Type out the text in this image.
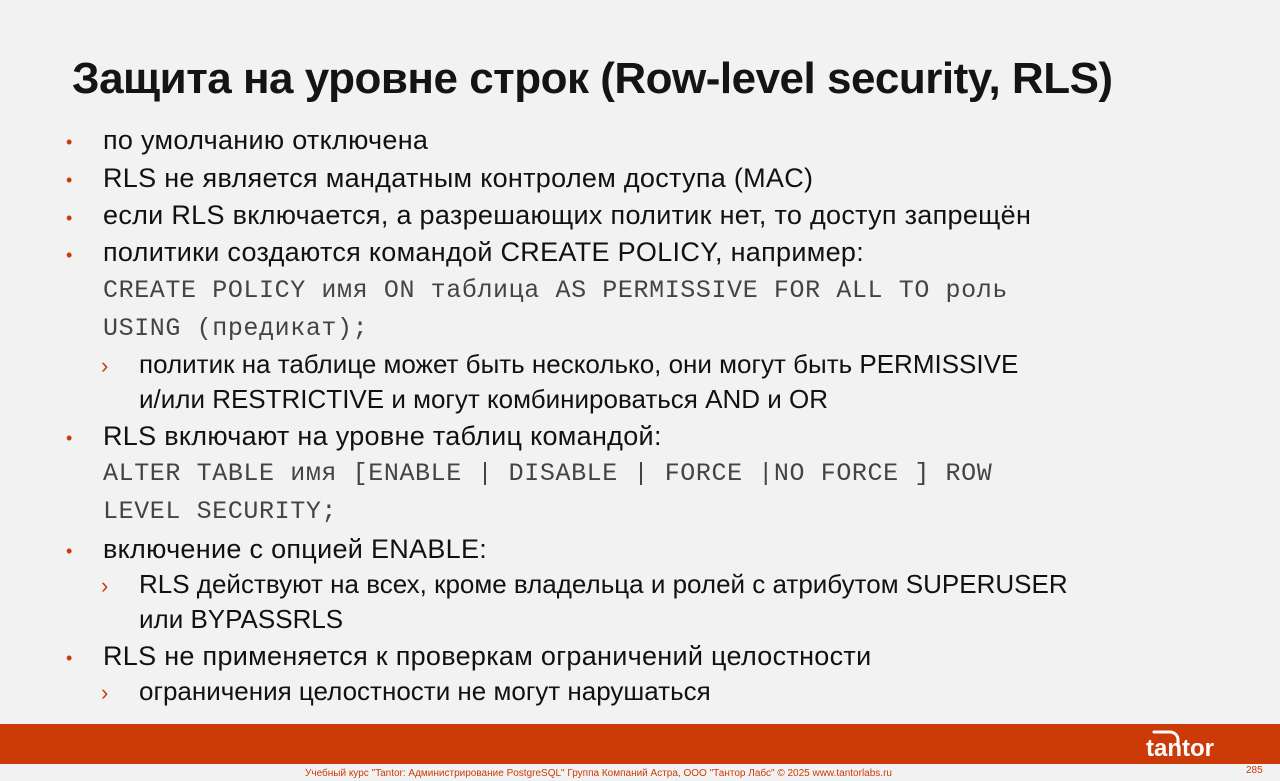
Защита на уровне строк (Row-level security, RLS)
• по умолчанию отключена
• RLS не является мандатным контролем доступа (MAC)
• если RLS включается, а разрешающих политик нет, то доступ запрещён
• политики создаются командой CREATE POLICY, например:
CREATE POLICY имя ON таблица AS PERMISSIVE FOR ALL TO роль
USING (предикат);
› политик на таблице может быть несколько, они могут быть PERMISSIVE
и/или RESTRICTIVE и могут комбинироваться AND и OR
• RLS включают на уровне таблиц командой:
ALTER TABLE имя [ENABLE | DISABLE | FORCE |NO FORCE ] ROW
LEVEL SECURITY;
• включение с опцией ENABLE:
› RLS действуют на всех, кроме владельца и ролей с атрибутом SUPERUSER
или BYPASSRLS
• RLS не применяется к проверкам ограничений целостности
› ограничения целостности не могут нарушаться
tantor
Учебный курс "Tantor: Администрирование PostgreSQL" Группа Компаний Астра, ООО "Тантор Лабс" © 2025 www.tantorlabs.ru	285
